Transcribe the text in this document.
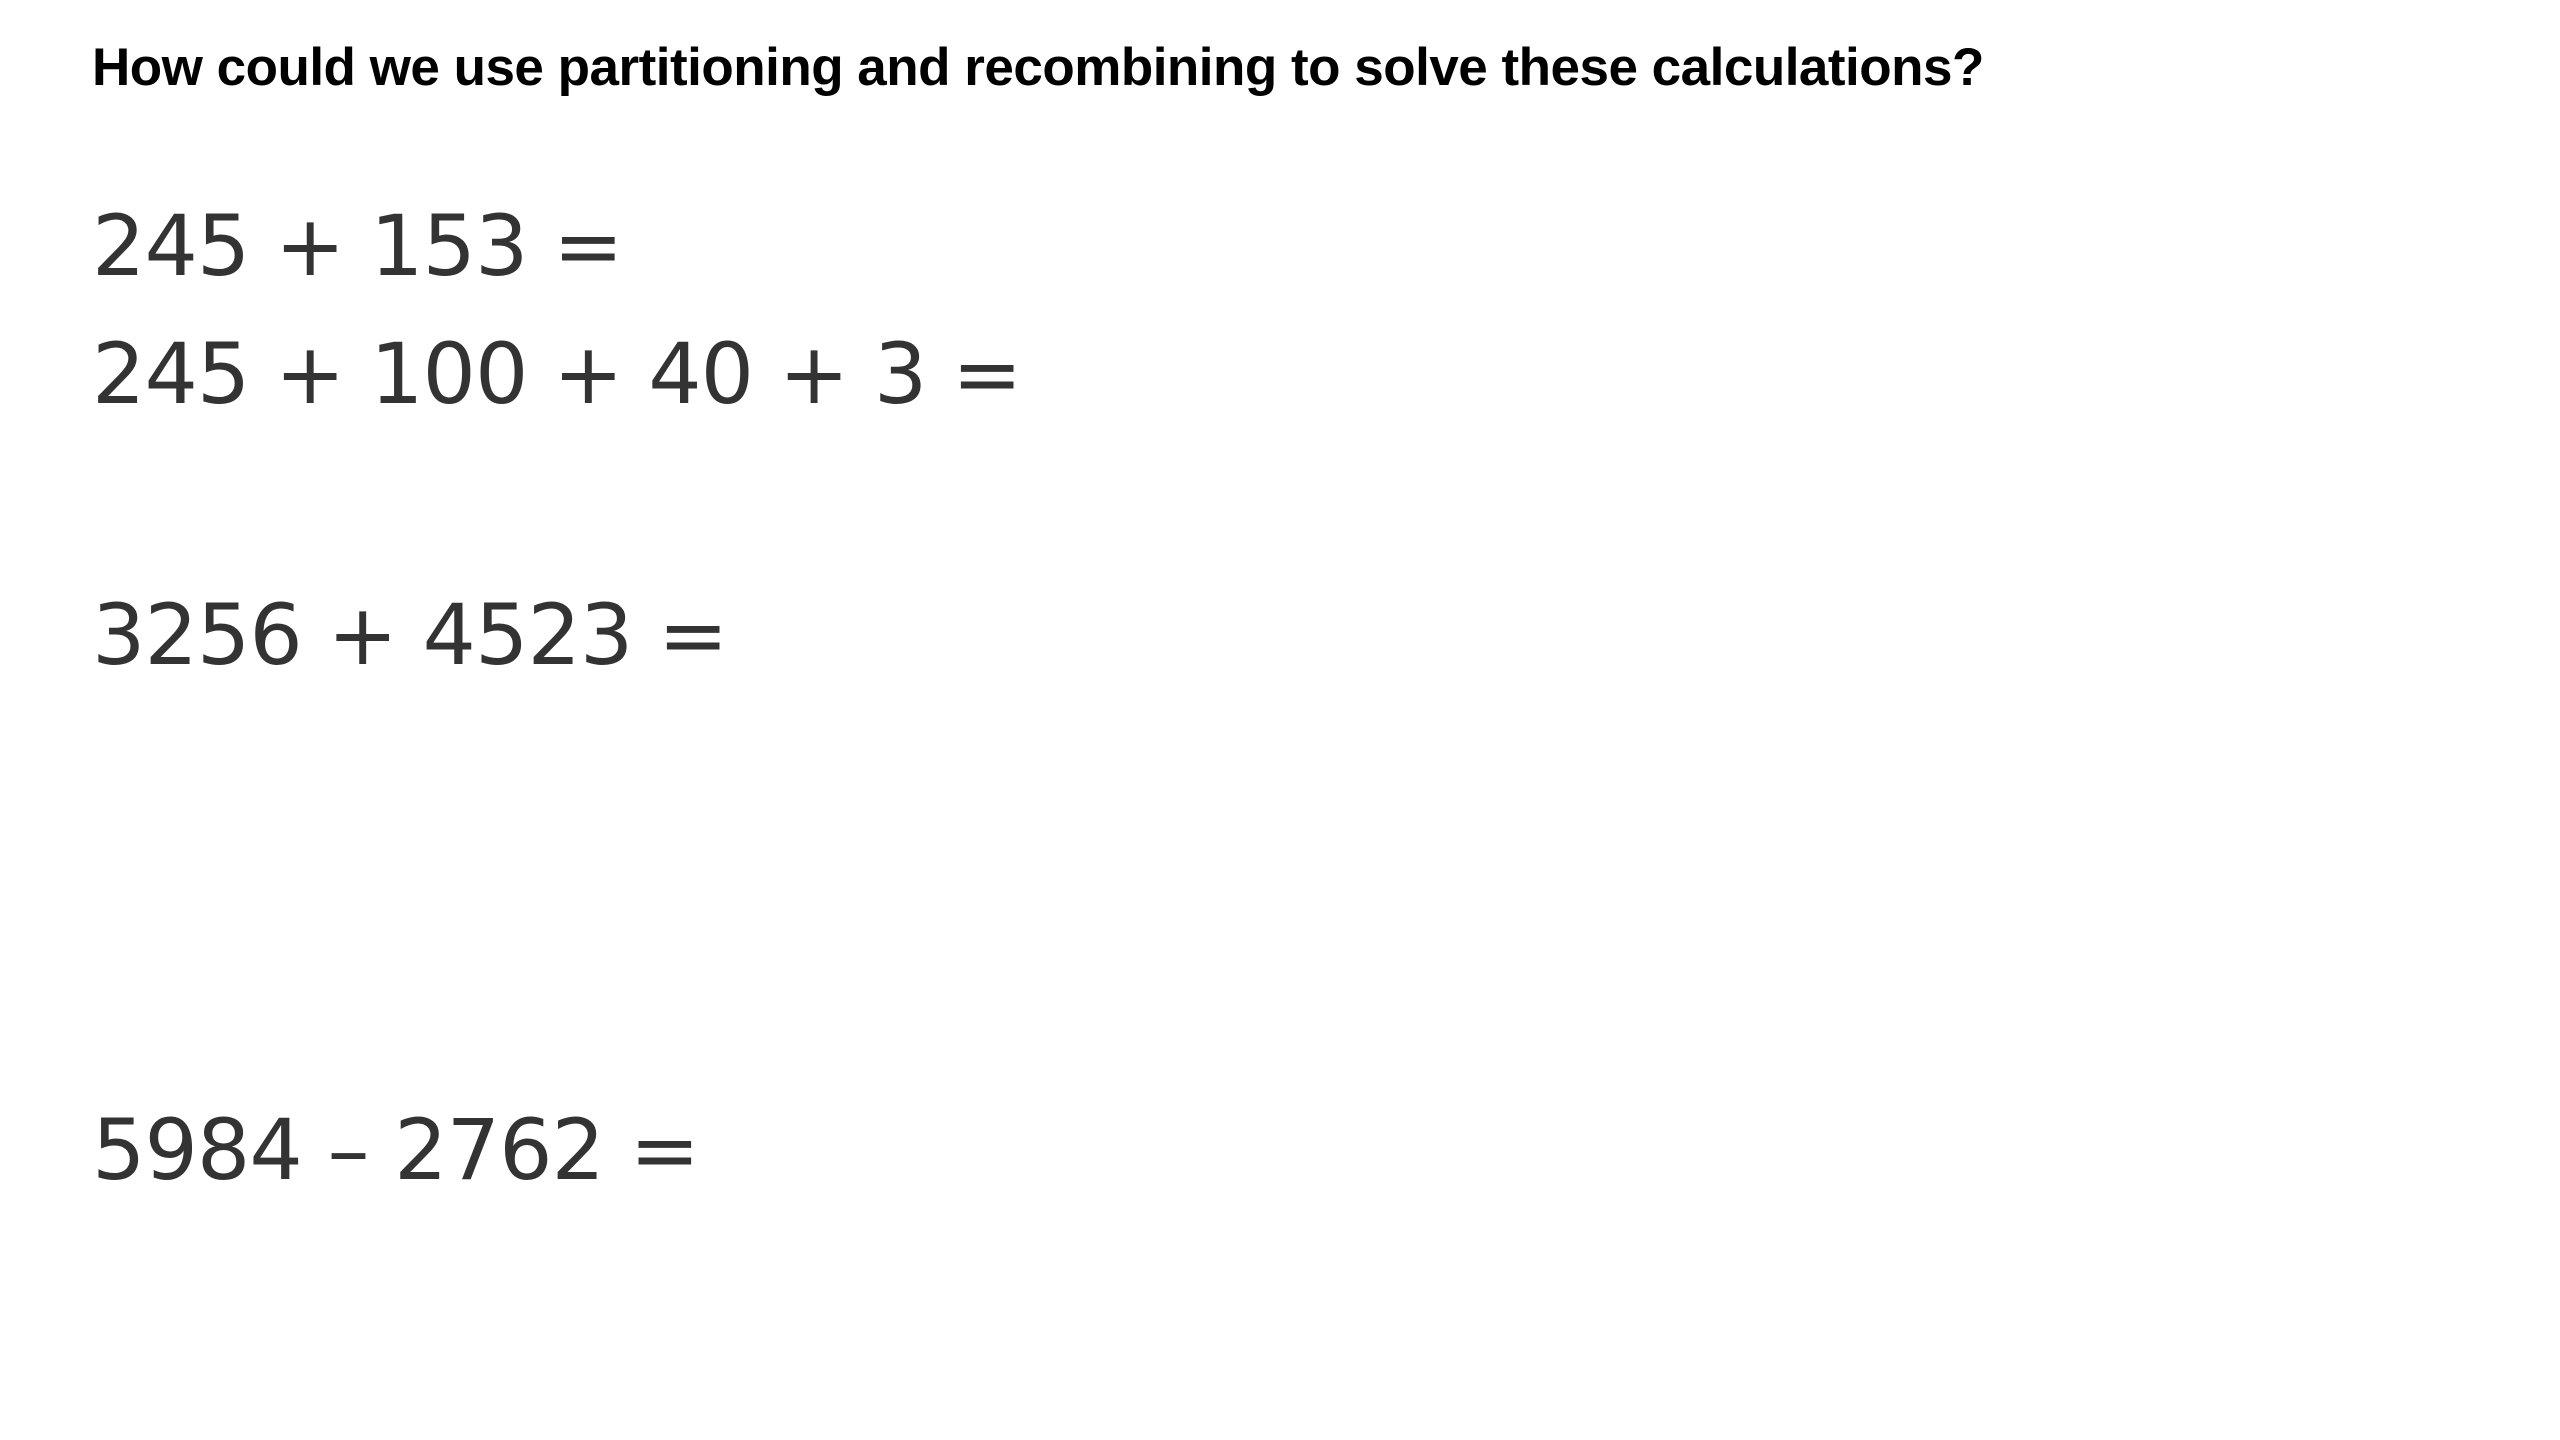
How could we use partitioning and recombining to solve these calculations?
245 + 153 =
245 + 100 + 40 + 3 =
3256 + 4523 =
5984 – 2762 =
